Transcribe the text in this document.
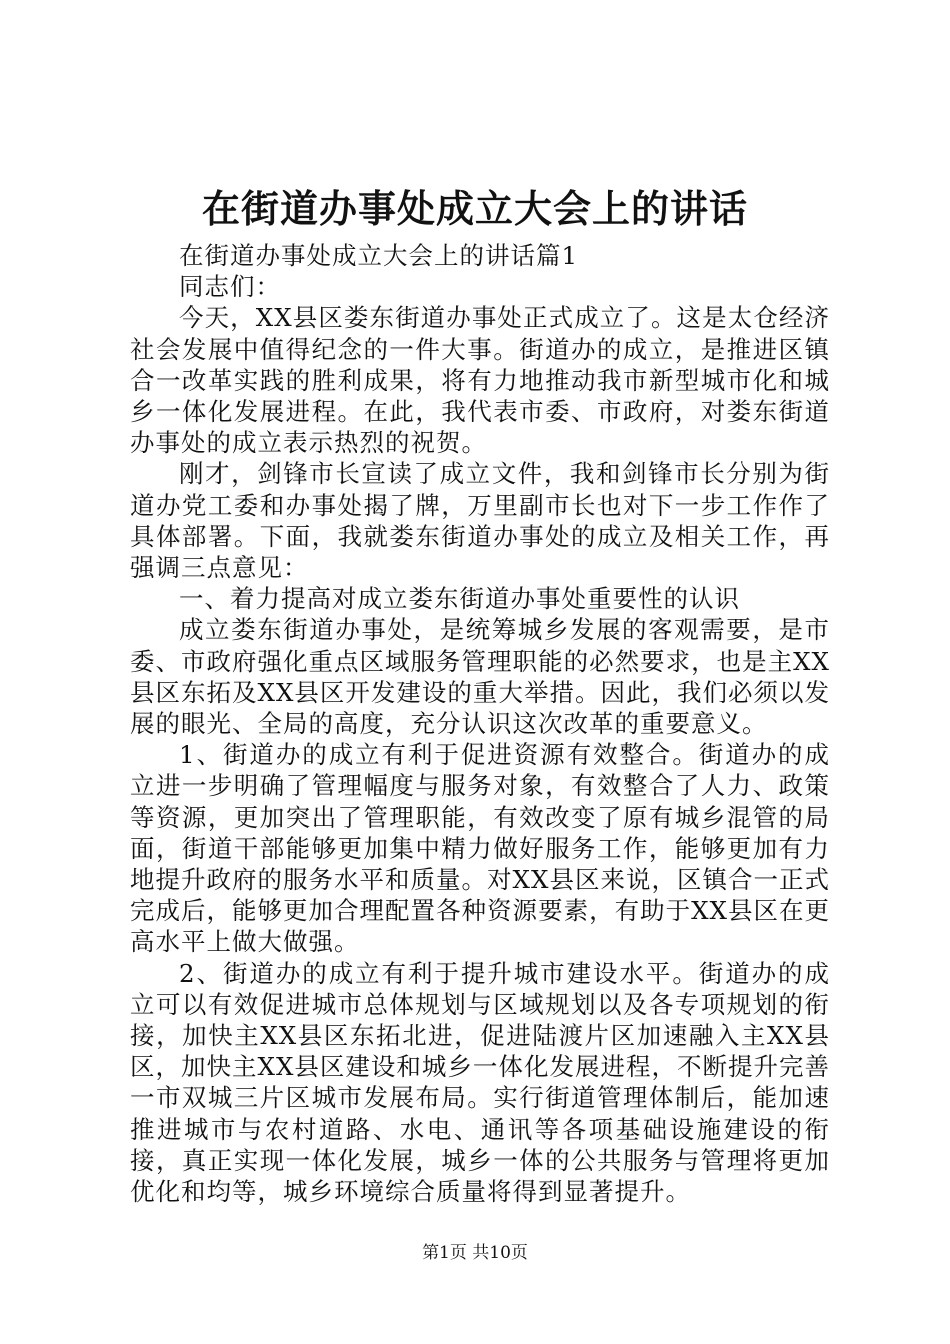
在街道办事处成立大会上的讲话

在街道办事处成立大会上的讲话篇1

同志们：

今天，XX县区娄东街道办事处正式成立了。这是太仓经济社会发展中值得纪念的一件大事。街道办的成立，是推进区镇合一改革实践的胜利成果，将有力地推动我市新型城市化和城乡一体化发展进程。在此，我代表市委、市政府，对娄东街道办事处的成立表示热烈的祝贺。

刚才，剑锋市长宣读了成立文件，我和剑锋市长分别为街道办党工委和办事处揭了牌，万里副市长也对下一步工作作了具体部署。下面，我就娄东街道办事处的成立及相关工作，再强调三点意见：

一、着力提高对成立娄东街道办事处重要性的认识

成立娄东街道办事处，是统筹城乡发展的客观需要，是市委、市政府强化重点区域服务管理职能的必然要求，也是主XX县区东拓及XX县区开发建设的重大举措。因此，我们必须以发展的眼光、全局的高度，充分认识这次改革的重要意义。

1、街道办的成立有利于促进资源有效整合。街道办的成立进一步明确了管理幅度与服务对象，有效整合了人力、政策等资源，更加突出了管理职能，有效改变了原有城乡混管的局面，街道干部能够更加集中精力做好服务工作，能够更加有力地提升政府的服务水平和质量。对XX县区来说，区镇合一正式完成后，能够更加合理配置各种资源要素，有助于XX县区在更高水平上做大做强。

2、街道办的成立有利于提升城市建设水平。街道办的成立可以有效促进城市总体规划与区域规划以及各专项规划的衔接，加快主XX县区东拓北进，促进陆渡片区加速融入主XX县区，加快主XX县区建设和城乡一体化发展进程，不断提升完善一市双城三片区城市发展布局。实行街道管理体制后，能加速推进城市与农村道路、水电、通讯等各项基础设施建设的衔接，真正实现一体化发展，城乡一体的公共服务与管理将更加优化和均等，城乡环境综合质量将得到显著提升。

第1页 共10页
